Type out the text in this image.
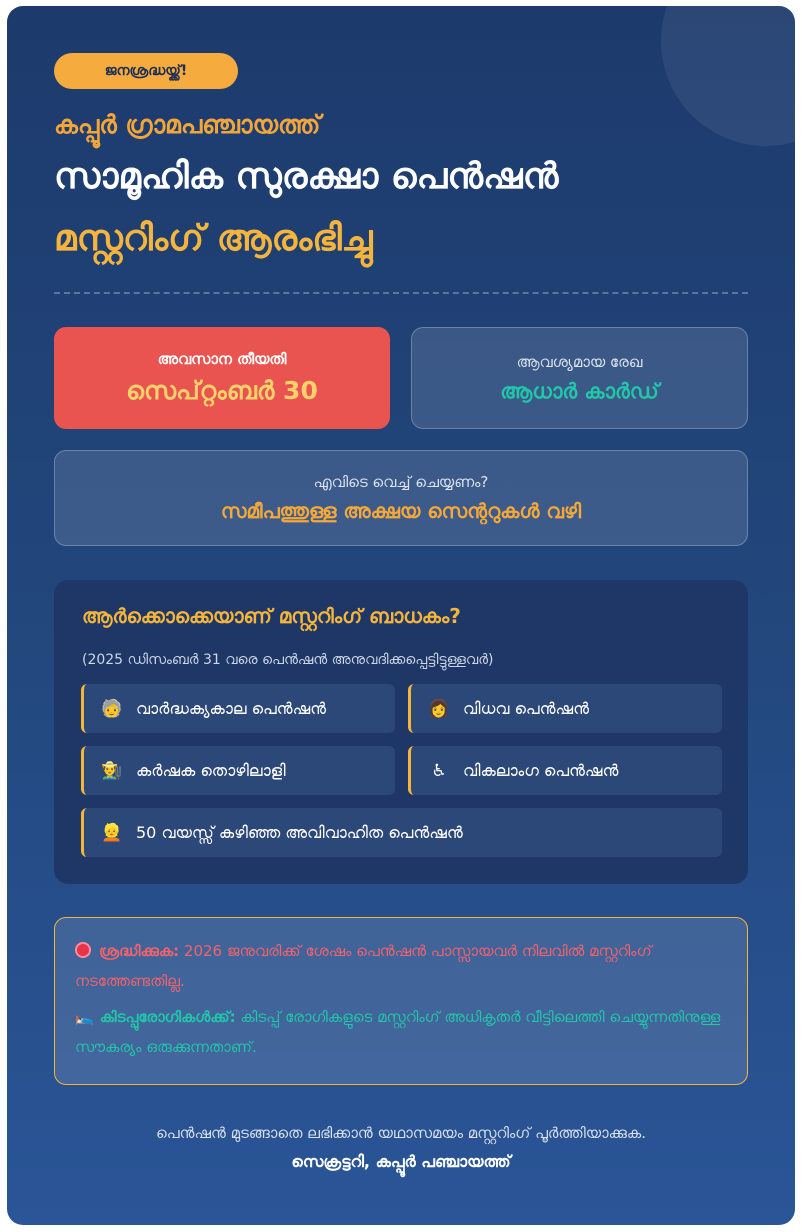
ജനശ്രദ്ധയ്ക്ക്!
കപ്പൂർ ഗ്രാമപഞ്ചായത്ത്
സാമൂഹിക സുരക്ഷാ പെൻഷൻ
മസ്റ്ററിംഗ് ആരംഭിച്ചു
അവസാന തീയതി
സെപ്റ്റംബർ 30
ആവശ്യമായ രേഖ
ആധാർ കാർഡ്
എവിടെ വെച്ച് ചെയ്യണം?
സമീപത്തുള്ള അക്ഷയ സെന്ററുകൾ വഴി
ആർക്കൊക്കെയാണ് മസ്റ്ററിംഗ് ബാധകം?
(2025 ഡിസംബർ 31 വരെ പെൻഷൻ അനുവദിക്കപ്പെട്ടിട്ടുള്ളവർ)
🧓 വാർദ്ധക്യകാല പെൻഷൻ	👩 വിധവ പെൻഷൻ
👨‍🌾 കർഷക തൊഴിലാളി	♿ വികലാംഗ പെൻഷൻ
👱 50 വയസ്സ് കഴിഞ്ഞ അവിവാഹിത പെൻഷൻ

ശ്രദ്ധിക്കുക: 2026 ജനുവരിക്ക് ശേഷം പെൻഷൻ പാസ്സായവർ നിലവിൽ മസ്റ്ററിംഗ് നടത്തേണ്ടതില്ല.

🛌 കിടപ്പുരോഗികൾക്ക്: കിടപ്പ് രോഗികളുടെ മസ്റ്ററിംഗ് അധികൃതർ വീട്ടിലെത്തി ചെയ്യുന്നതിനുള്ള സൗകര്യം ഒരുക്കുന്നതാണ്.

പെൻഷൻ മുടങ്ങാതെ ലഭിക്കാൻ യഥാസമയം മസ്റ്ററിംഗ് പൂർത്തിയാക്കുക.
സെക്രട്ടറി, കപ്പൂർ പഞ്ചായത്ത്
